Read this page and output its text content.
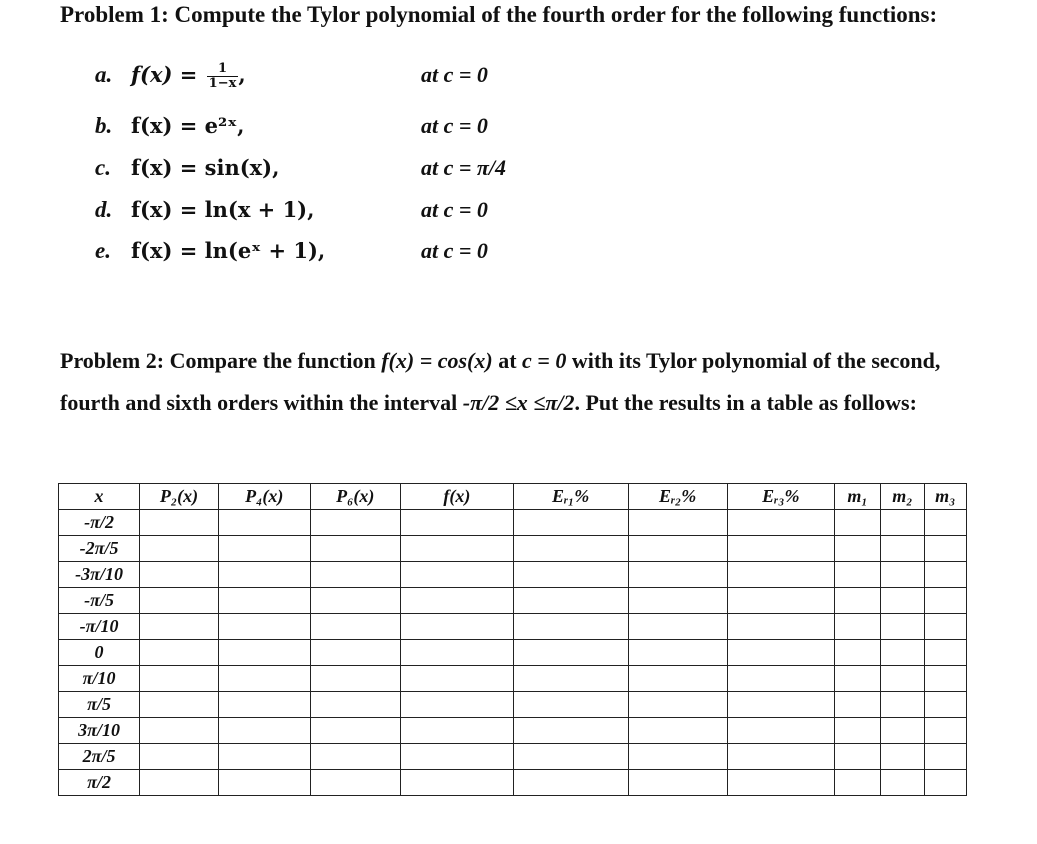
Problem 1: Compute the Tylor polynomial of the fourth order for the following functions:
a. $f(x) = \frac{1}{1-x}$ ,	at c = 0
b. f(x) = e²ˣ,	at c = 0
c. f(x) = sin(x),	at c = π/4
d. f(x) = ln(x + 1),	at c = 0
e. f(x) = ln(eˣ + 1),	at c = 0
Problem 2: Compare the function f(x) = cos(x) at c = 0 with its Tylor polynomial of the second, fourth and sixth orders within the interval -π/2 ≤x ≤π/2. Put the results in a table as follows:
x	P₂(x)	P₄(x)	P₆(x)	f(x)	Eᵣ₁%	Eᵣ₂%	Eᵣ₃%	m₁	m₂	m₃
-π/2										
-2π/5										
-3π/10										
-π/5										
-π/10										
0										
π/10										
π/5										
3π/10										
2π/5										
π/2										
